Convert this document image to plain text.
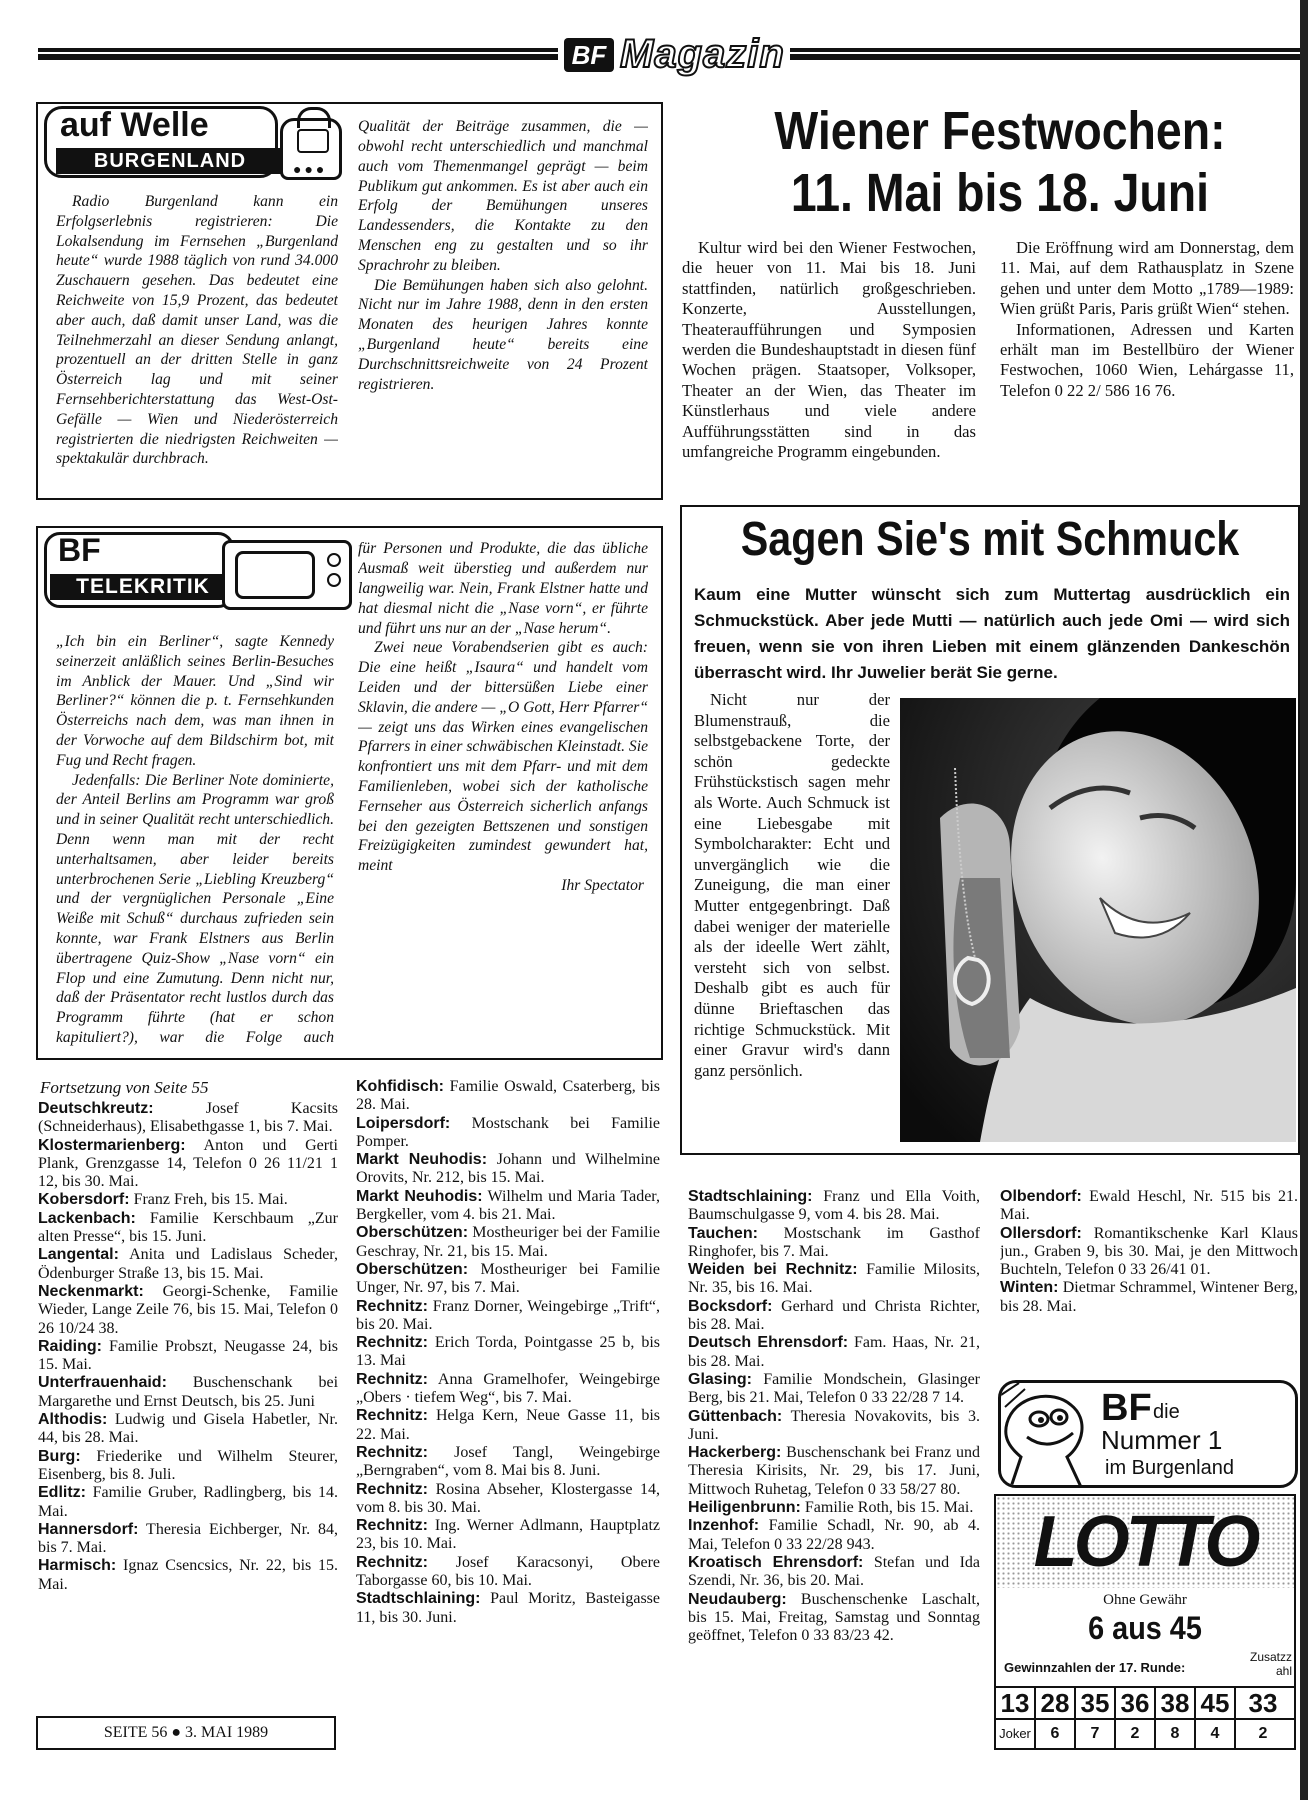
BF Magazin
auf Welle
BURGENLAND	●●●

Radio Burgenland kann ein Erfolgserlebnis registrieren: Die Lokalsendung im Fernsehen „Burgenland heute“ wurde 1988 täglich von rund 34.000 Zuschauern gesehen. Das bedeutet eine Reichweite von 15,9 Prozent, das bedeutet aber auch, daß damit unser Land, was die Teilnehmerzahl an dieser Sendung anlangt, prozentuell an der dritten Stelle in ganz Österreich lag und mit seiner Fernsehberichterstattung das West-Ost-Gefälle — Wien und Niederösterreich registrierten die niedrigsten Reichweiten — spektakulär durchbrach.

Qualität der Beiträge zusammen, die — obwohl recht unterschiedlich und manchmal auch vom Themenmangel geprägt — beim Publikum gut ankommen. Es ist aber auch ein Erfolg der Bemühungen unseres Landessenders, die Kontakte zu den Menschen eng zu gestalten und so ihr Sprachrohr zu bleiben.

Die Bemühungen haben sich also gelohnt. Nicht nur im Jahre 1988, denn in den ersten Monaten des heurigen Jahres konnte „Burgenland heute“ bereits eine Durchschnittsreichweite von 24 Prozent registrieren.

Wiener Festwochen:
11. Mai bis 18. Juni

Kultur wird bei den Wiener Festwochen, die heuer von 11. Mai bis 18. Juni stattfinden, natürlich großgeschrieben. Konzerte, Ausstellungen, Theateraufführungen und Symposien werden die Bundeshauptstadt in diesen fünf Wochen prägen. Staatsoper, Volksoper, Theater an der Wien, das Theater im Künstlerhaus und viele andere Aufführungsstätten sind in das umfangreiche Programm eingebunden.

Die Eröffnung wird am Donnerstag, dem 11. Mai, auf dem Rathausplatz in Szene gehen und unter dem Motto „1789—1989: Wien grüßt Paris, Paris grüßt Wien“ stehen.

Informationen, Adressen und Karten erhält man im Bestellbüro der Wiener Festwochen, 1060 Wien, Lehárgasse 11, Telefon 0 22 2/ 586 16 76.

BF
TELEKRITIK

„Ich bin ein Berliner“, sagte Kennedy seinerzeit anläßlich seines Berlin-Besuches im Anblick der Mauer. Und „Sind wir Berliner?“ können die p. t. Fernsehkunden Österreichs nach dem, was man ihnen in der Vorwoche auf dem Bildschirm bot, mit Fug und Recht fragen.

Jedenfalls: Die Berliner Note dominierte, der Anteil Berlins am Programm war groß und in seiner Qualität recht unterschiedlich. Denn wenn man mit der recht unterhaltsamen, aber leider bereits unterbrochenen Serie „Liebling Kreuzberg“ und der vergnüglichen Personale „Eine Weiße mit Schuß“ durchaus zufrieden sein konnte, war Frank Elstners aus Berlin übertragene Quiz-Show „Nase vorn“ ein Flop und eine Zumutung. Denn nicht nur, daß der Präsentator recht lustlos durch das Programm führte (hat er schon kapituliert?), war die Folge auch

für Personen und Produkte, die das übliche Ausmaß weit überstieg und außerdem nur langweilig war. Nein, Frank Elstner hatte und hat diesmal nicht die „Nase vorn“, er führte und führt uns nur an der „Nase herum“.

Zwei neue Vorabendserien gibt es auch: Die eine heißt „Isaura“ und handelt vom Leiden und der bittersüßen Liebe einer Sklavin, die andere — „O Gott, Herr Pfarrer“ — zeigt uns das Wirken eines evangelischen Pfarrers in einer schwäbischen Kleinstadt. Sie konfrontiert uns mit dem Pfarr- und mit dem Familienleben, wobei sich der katholische Fernseher aus Österreich sicherlich anfangs bei den gezeigten Bettszenen und sonstigen Freizügigkeiten zumindest gewundert hat, meint

Ihr Spectator
Sagen Sie's mit Schmuck
Kaum eine Mutter wünscht sich zum Muttertag ausdrücklich ein Schmuckstück. Aber jede Mutti — natürlich auch jede Omi — wird sich freuen, wenn sie von ihren Lieben mit einem glänzenden Dankeschön überrascht wird. Ihr Juwelier berät Sie gerne.

Nicht nur der Blumenstrauß, die selbstgebackene Torte, der schön gedeckte Frühstückstisch sagen mehr als Worte. Auch Schmuck ist eine Liebesgabe mit Symbolcharakter: Echt und unvergänglich wie die Zuneigung, die man einer Mutter entgegenbringt. Daß dabei weniger der materielle als der ideelle Wert zählt, versteht sich von selbst. Deshalb gibt es auch für dünne Brieftaschen das richtige Schmuckstück. Mit einer Gravur wird's dann ganz persönlich.

Fortsetzung von Seite 55

Deutschkreutz:	Josef Kacsits (Schneiderhaus), Elisabethgasse 1, bis 7. Mai.

Klostermarienberg: Anton und Gerti Plank, Grenzgasse 14, Telefon 0 26 11/21 1 12, bis 30. Mai.

Kobersdorf: Franz Freh, bis 15. Mai.

Lackenbach: Familie Kerschbaum „Zur alten Presse“, bis 15. Juni.

Langental: Anita und Ladislaus Scheder, Ödenburger Straße 13, bis 15. Mai.

Neckenmarkt: Georgi-Schenke, Familie Wieder, Lange Zeile 76, bis 15. Mai, Telefon 0 26 10/24 38.

Raiding: Familie Probszt, Neugasse 24, bis 15. Mai.

Unterfrauenhaid: Buschenschank bei Margarethe und Ernst Deutsch, bis 25. Juni

Althodis: Ludwig und Gisela Habetler, Nr. 44, bis 28. Mai.

Burg: Friederike und Wilhelm Steurer, Eisenberg, bis 8. Juli.

Edlitz: Familie Gruber, Radlingberg, bis 14. Mai.

Hannersdorf: Theresia Eichberger, Nr. 84, bis 7. Mai.

Harmisch: Ignaz Csencsics, Nr. 22, bis 15. Mai.

Kohfidisch: Familie Oswald, Csaterberg, bis 28. Mai.

Loipersdorf: Mostschank bei Familie Pomper.

Markt Neuhodis: Johann und Wilhelmine Orovits, Nr. 212, bis 15. Mai.

Markt Neuhodis: Wilhelm und Maria Tader, Bergkeller, vom 4. bis 21. Mai.

Oberschützen: Mostheuriger bei der Familie Geschray, Nr. 21, bis 15. Mai.

Oberschützen: Mostheuriger bei Familie Unger, Nr. 97, bis 7. Mai.

Rechnitz: Franz Dorner, Weingebirge „Trift“, bis 20. Mai.

Rechnitz: Erich Torda, Pointgasse 25 b, bis 13. Mai

Rechnitz: Anna Gramelhofer, Weingebirge „Obers · tiefem Weg“, bis 7. Mai.

Rechnitz: Helga Kern, Neue Gasse 11, bis 22. Mai.

Rechnitz: Josef Tangl, Weingebirge „Berngraben“, vom 8. Mai bis 8. Juni.

Rechnitz: Rosina Abseher, Klostergasse 14, vom 8. bis 30. Mai.

Rechnitz: Ing. Werner Adlmann, Hauptplatz 23, bis 10. Mai.

Rechnitz: Josef Karacsonyi, Obere Taborgasse 60, bis 10. Mai.

Stadtschlaining: Paul Moritz, Basteigasse 11, bis 30. Juni.

Stadtschlaining: Franz und Ella Voith, Baumschulgasse 9, vom 4. bis 28. Mai.

Tauchen: Mostschank im Gasthof Ringhofer, bis 7. Mai.

Weiden bei Rechnitz: Familie Milosits, Nr. 35, bis 16. Mai.

Bocksdorf: Gerhard und Christa Richter, bis 28. Mai.

Deutsch Ehrensdorf: Fam. Haas, Nr. 21, bis 28. Mai.

Glasing: Familie Mondschein, Glasinger Berg, bis 21. Mai, Telefon 0 33 22/28 7 14.

Güttenbach: Theresia Novakovits, bis 3. Juni.

Hackerberg: Buschenschank bei Franz und Theresia Kirisits, Nr. 29, bis 17. Juni, Mittwoch Ruhetag, Telefon 0 33 58/27 80.

Heiligenbrunn: Familie Roth, bis 15. Mai.

Inzenhof: Familie Schadl, Nr. 90, ab 4. Mai, Telefon 0 33 22/28 943.

Kroatisch Ehrensdorf: Stefan und Ida Szendi, Nr. 36, bis 20. Mai.

Neudauberg: Buschenschenke Laschalt, bis 15. Mai, Freitag, Samstag und Sonntag geöffnet, Telefon 0 33 83/23 42.

Olbendorf: Ewald Heschl, Nr. 515 bis 21. Mai.

Ollersdorf: Romantikschenke Karl Klaus jun., Graben 9, bis 30. Mai, je den Mittwoch Buchteln, Telefon 0 33 26/41 01.

Winten: Dietmar Schrammel, Wintener Berg, bis 28. Mai.

BF die
Nummer 1
im Burgenland
LOTTO
Ohne Gewähr
6 aus 45
Gewinnzahlen der 17. Runde:
Zusatzzahl
13 28 35 36 38 45 33
Joker 6 7 2 8 4 2
SEITE 56 ● 3. MAI 1989
